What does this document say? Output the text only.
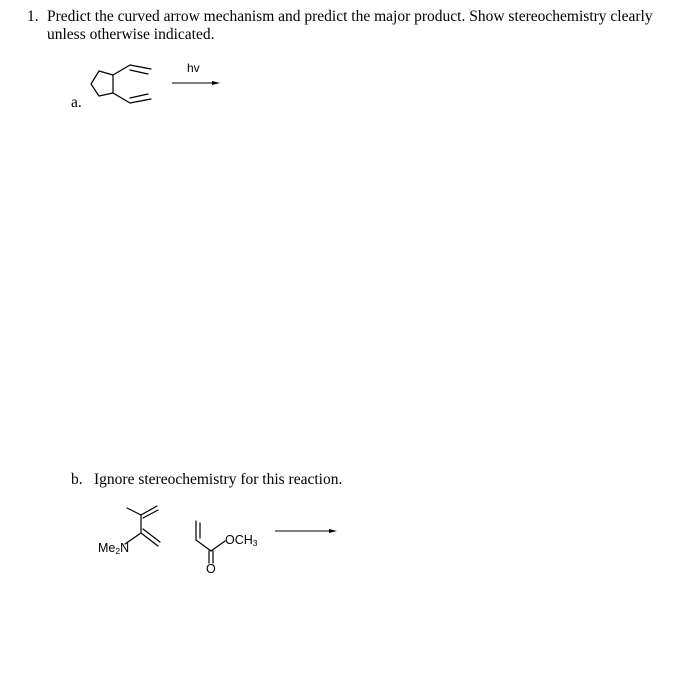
1. Predict the curved arrow mechanism and predict the major product. Show stereochemistry clearly unless otherwise indicated.
a.
hv
b. Ignore stereochemistry for this reaction.
$Me_2N$
$OCH_3$
O
